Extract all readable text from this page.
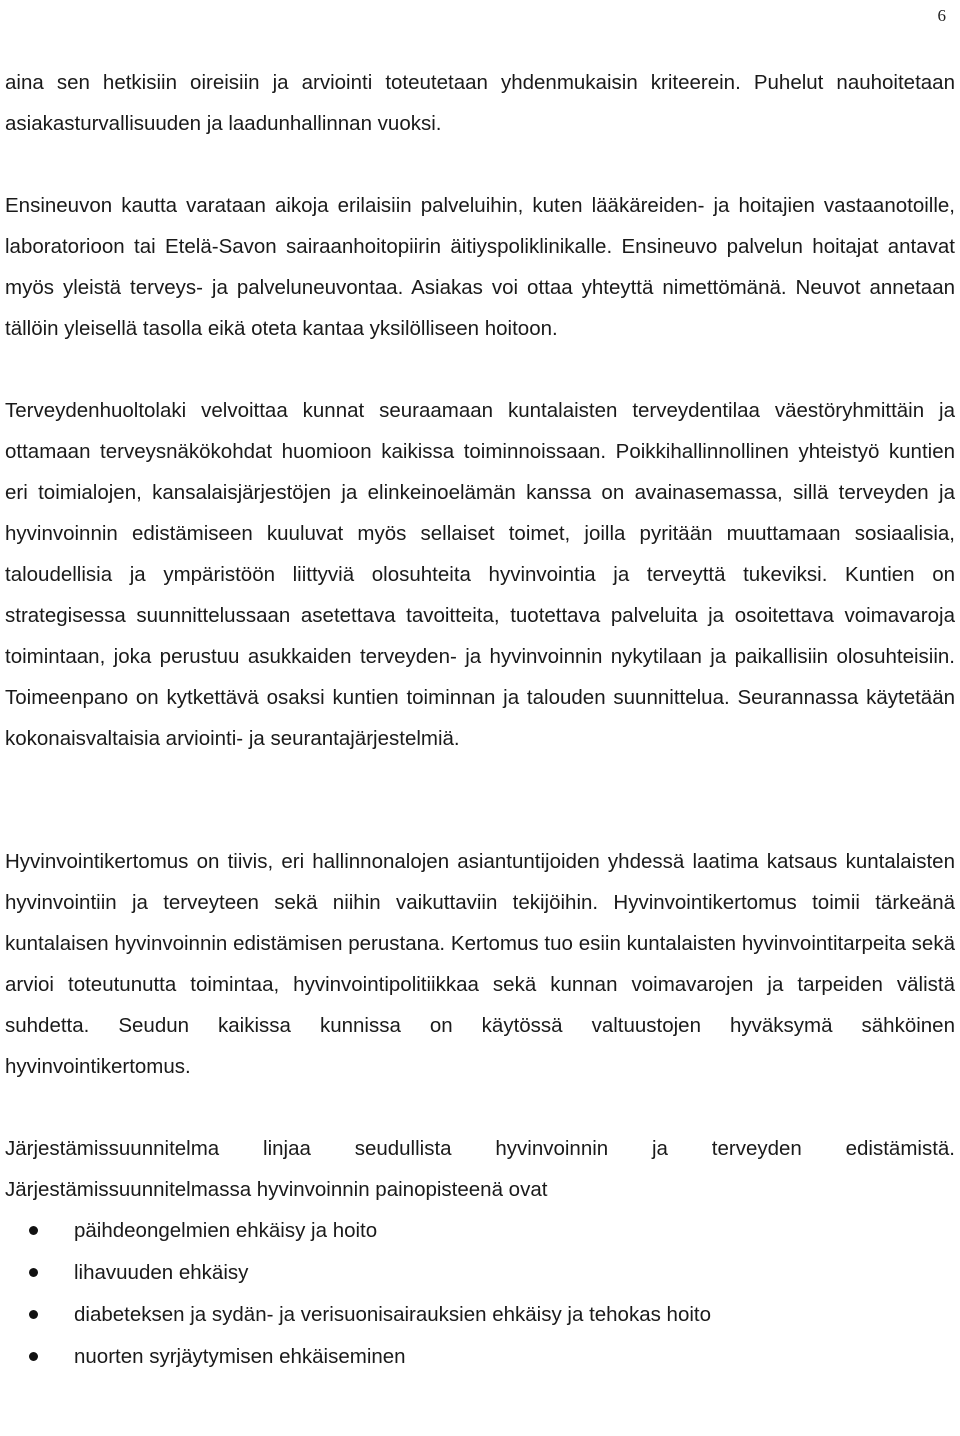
6

aina sen hetkisiin oireisiin ja arviointi toteutetaan yhdenmukaisin kriteerein. Puhelut nauhoitetaan asiakasturvallisuuden ja laadunhallinnan vuoksi.

Ensineuvon kautta varataan aikoja erilaisiin palveluihin, kuten lääkäreiden- ja hoitajien vastaanotoille, laboratorioon tai Etelä-Savon sairaanhoitopiirin äitiyspoliklinikalle. Ensineuvo palvelun hoitajat antavat myös yleistä terveys- ja palveluneuvontaa. Asiakas voi ottaa yhteyttä nimettömänä. Neuvot annetaan tällöin yleisellä tasolla eikä oteta kantaa yksilölliseen hoitoon.

Terveydenhuoltolaki velvoittaa kunnat seuraamaan kuntalaisten terveydentilaa väestöryhmittäin ja ottamaan terveysnäkökohdat huomioon kaikissa toiminnoissaan. Poikkihallinnollinen yhteistyö kuntien eri toimialojen, kansalaisjärjestöjen ja elinkeinoelämän kanssa on avainasemassa, sillä terveyden ja hyvinvoinnin edistämiseen kuuluvat myös sellaiset toimet, joilla pyritään muuttamaan sosiaalisia, taloudellisia ja ympäristöön liittyviä olosuhteita hyvinvointia ja terveyttä tukeviksi. Kuntien on strategisessa suunnittelussaan asetettava tavoitteita, tuotettava palveluita ja osoitettava voimavaroja toimintaan, joka perustuu asukkaiden terveyden- ja hyvinvoinnin nykytilaan ja paikallisiin olosuhteisiin. Toimeenpano on kytkettävä osaksi kuntien toiminnan ja talouden suunnittelua. Seurannassa käytetään kokonaisvaltaisia arviointi- ja seurantajärjestelmiä.

Hyvinvointikertomus on tiivis, eri hallinnonalojen asiantuntijoiden yhdessä laatima katsaus kuntalaisten hyvinvointiin ja terveyteen sekä niihin vaikuttaviin tekijöihin. Hyvinvointikertomus toimii tärkeänä kuntalaisen hyvinvoinnin edistämisen perustana. Kertomus tuo esiin kuntalaisten hyvinvointitarpeita sekä arvioi toteutunutta toimintaa, hyvinvointipolitiikkaa sekä kunnan voimavarojen ja tarpeiden välistä suhdetta. Seudun kaikissa kunnissa on käytössä valtuustojen hyväksymä sähköinen hyvinvointikertomus.

Järjestämissuunnitelma linjaa seudullista hyvinvoinnin ja terveyden edistämistä. Järjestämissuunnitelmassa hyvinvoinnin painopisteenä ovat

päihdeongelmien ehkäisy ja hoito
lihavuuden ehkäisy
diabeteksen ja sydän- ja verisuonisairauksien ehkäisy ja tehokas hoito
nuorten syrjäytymisen ehkäiseminen
